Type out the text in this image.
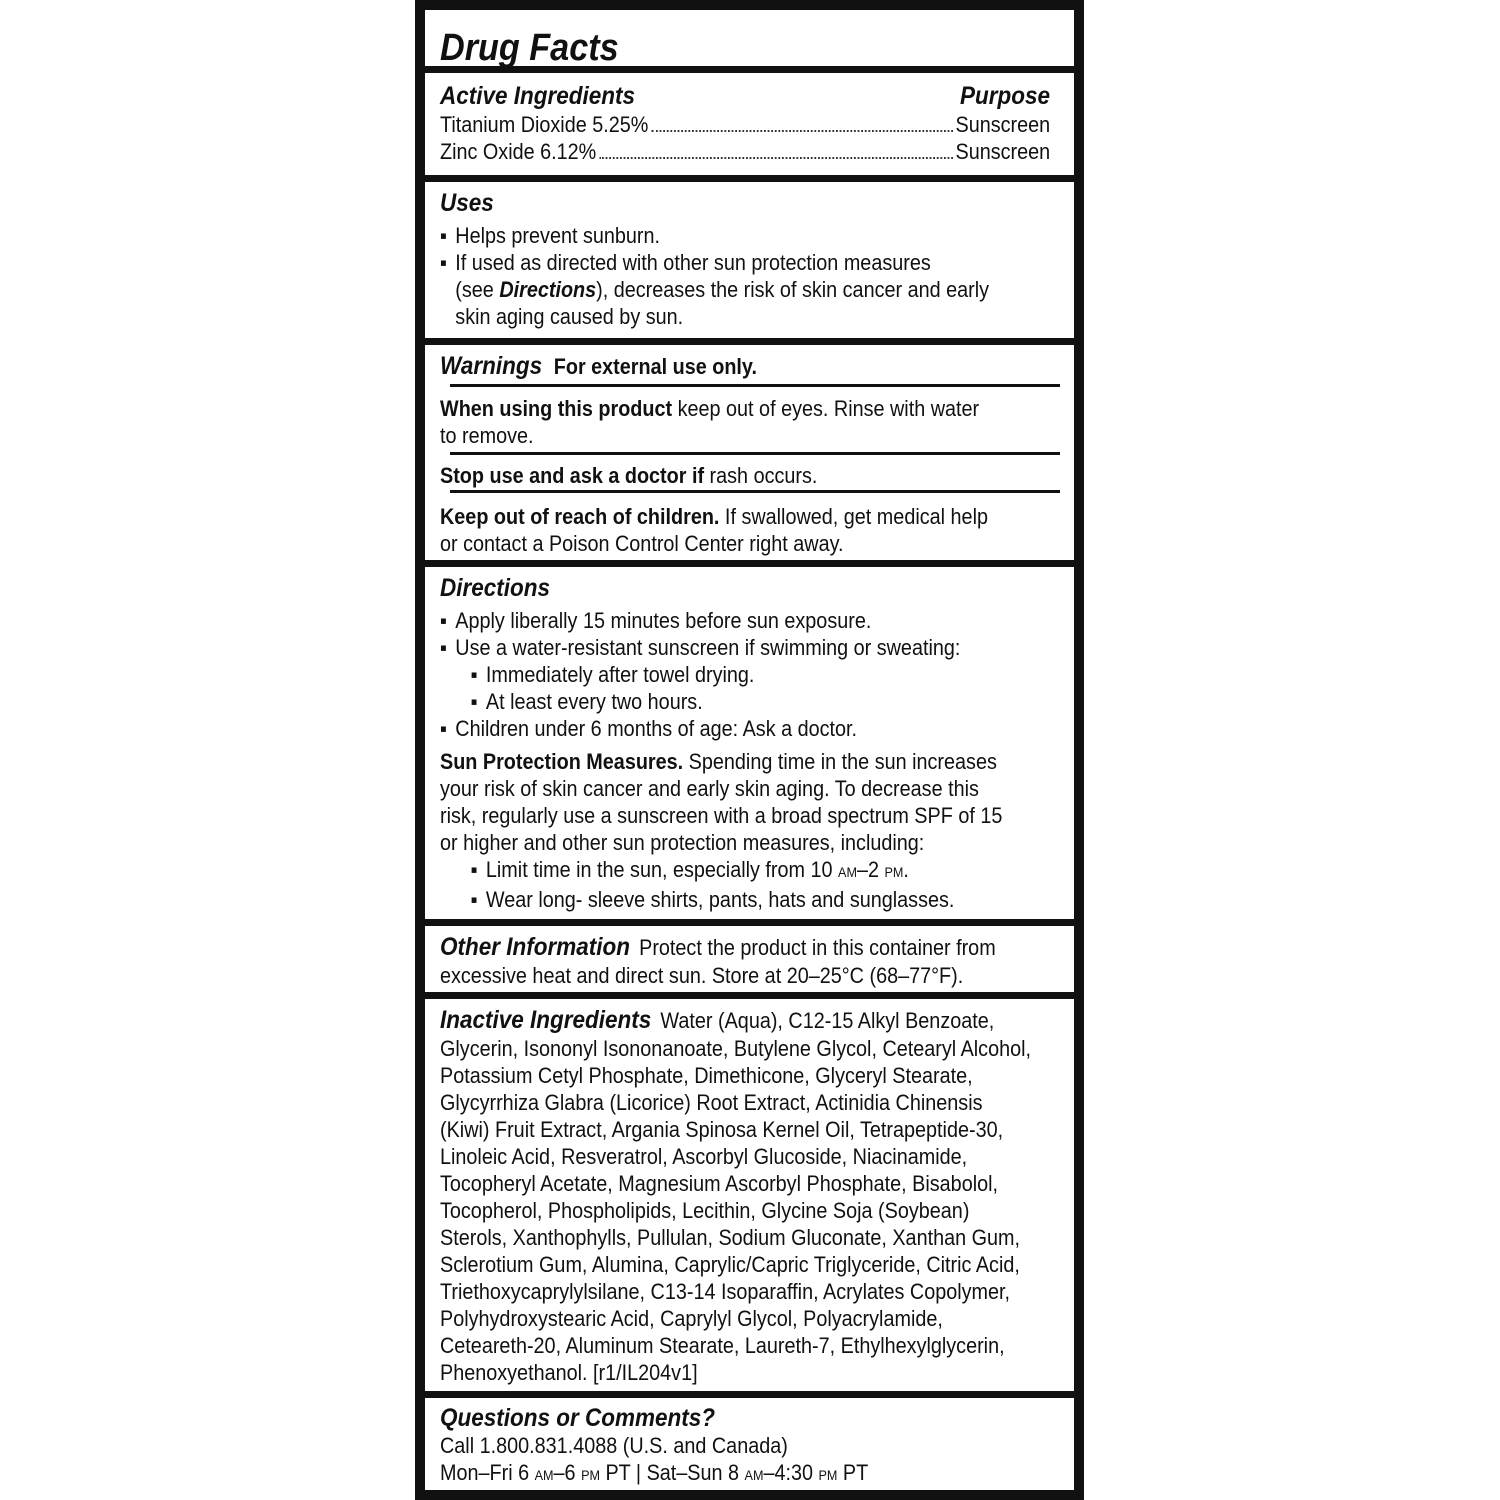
Drug Facts
Active Ingredients	Purpose
Titanium Dioxide 5.25%	Sunscreen
Zinc Oxide 6.12%	Sunscreen
Uses
▪ Helps prevent sunburn.
▪ If used as directed with other sun protection measures
(see Directions), decreases the risk of skin cancer and early
skin aging caused by sun.
Warnings For external use only.
When using this product keep out of eyes. Rinse with water
to remove.
Stop use and ask a doctor if rash occurs.
Keep out of reach of children. If swallowed, get medical help
or contact a Poison Control Center right away.
Directions
▪ Apply liberally 15 minutes before sun exposure.
▪ Use a water-resistant sunscreen if swimming or sweating:
▪ Immediately after towel drying.
▪ At least every two hours.
▪ Children under 6 months of age: Ask a doctor.
Sun Protection Measures. Spending time in the sun increases
your risk of skin cancer and early skin aging. To decrease this
risk, regularly use a sunscreen with a broad spectrum SPF of 15
or higher and other sun protection measures, including:
▪ Limit time in the sun, especially from 10 AM–2 PM.
▪ Wear long- sleeve shirts, pants, hats and sunglasses.
Other Information Protect the product in this container from
excessive heat and direct sun. Store at 20–25°C (68–77°F).
Inactive Ingredients Water (Aqua), C12-15 Alkyl Benzoate,
Glycerin, Isononyl Isononanoate, Butylene Glycol, Cetearyl Alcohol,
Potassium Cetyl Phosphate, Dimethicone, Glyceryl Stearate,
Glycyrrhiza Glabra (Licorice) Root Extract, Actinidia Chinensis
(Kiwi) Fruit Extract, Argania Spinosa Kernel Oil, Tetrapeptide-30,
Linoleic Acid, Resveratrol, Ascorbyl Glucoside, Niacinamide,
Tocopheryl Acetate, Magnesium Ascorbyl Phosphate, Bisabolol,
Tocopherol, Phospholipids, Lecithin, Glycine Soja (Soybean)
Sterols, Xanthophylls, Pullulan, Sodium Gluconate, Xanthan Gum,
Sclerotium Gum, Alumina, Caprylic/Capric Triglyceride, Citric Acid,
Triethoxycaprylylsilane, C13-14 Isoparaffin, Acrylates Copolymer,
Polyhydroxystearic Acid, Caprylyl Glycol, Polyacrylamide,
Ceteareth-20, Aluminum Stearate, Laureth-7, Ethylhexylglycerin,
Phenoxyethanol. [r1/IL204v1]
Questions or Comments?
Call 1.800.831.4088 (U.S. and Canada)
Mon–Fri 6 AM–6 PM PT | Sat–Sun 8 AM–4:30 PM PT
